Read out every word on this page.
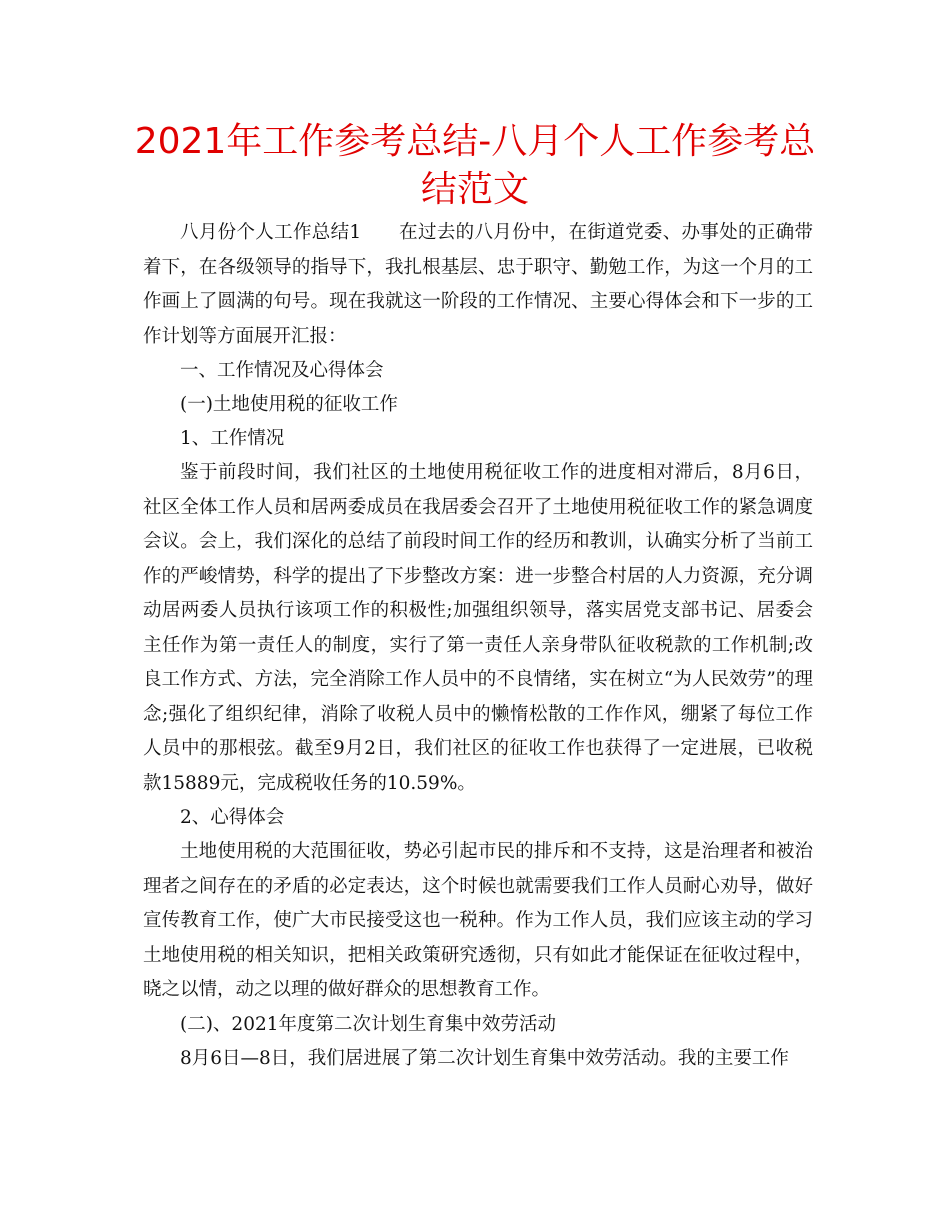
2021年工作参考总结-八月个人工作参考总结范文

八月份个人工作总结1　　在过去的八月份中，在街道党委、办事处的正确带着下，在各级领导的指导下，我扎根基层、忠于职守、勤勉工作，为这一个月的工作画上了圆满的句号。现在我就这一阶段的工作情况、主要心得体会和下一步的工作计划等方面展开汇报：

一、工作情况及心得体会

(一)土地使用税的征收工作

1、工作情况

鉴于前段时间，我们社区的土地使用税征收工作的进度相对滞后，8月6日，社区全体工作人员和居两委成员在我居委会召开了土地使用税征收工作的紧急调度会议。会上，我们深化的总结了前段时间工作的经历和教训，认确实分析了当前工作的严峻情势，科学的提出了下步整改方案：进一步整合村居的人力资源，充分调动居两委人员执行该项工作的积极性;加强组织领导，落实居党支部书记、居委会主任作为第一责任人的制度，实行了第一责任人亲身带队征收税款的工作机制;改良工作方式、方法，完全消除工作人员中的不良情绪，实在树立“为人民效劳”的理念;强化了组织纪律，消除了收税人员中的懒惰松散的工作作风，绷紧了每位工作人员中的那根弦。截至9月2日，我们社区的征收工作也获得了一定进展，已收税款15889元，完成税收任务的10.59%。

2、心得体会

土地使用税的大范围征收，势必引起市民的排斥和不支持，这是治理者和被治理者之间存在的矛盾的必定表达，这个时候也就需要我们工作人员耐心劝导，做好宣传教育工作，使广大市民接受这也一税种。作为工作人员，我们应该主动的学习土地使用税的相关知识，把相关政策研究透彻，只有如此才能保证在征收过程中，晓之以情，动之以理的做好群众的思想教育工作。

(二)、2021年度第二次计划生育集中效劳活动

8月6日—8日，我们居进展了第二次计划生育集中效劳活动。我的主要工作
